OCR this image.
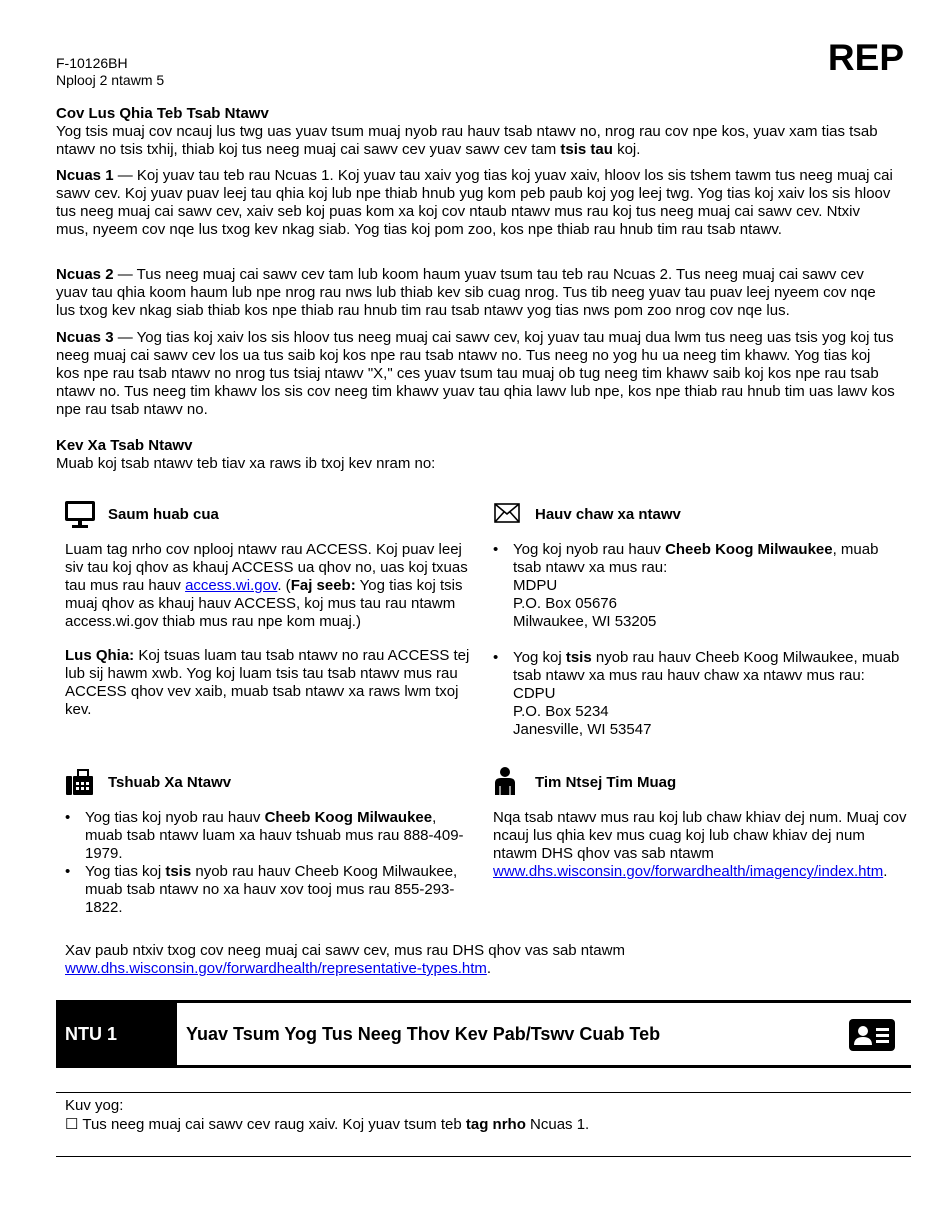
F-10126BH
Nplooj 2 ntawm 5
REP
Cov Lus Qhia Teb Tsab Ntawv
Yog tsis muaj cov ncauj lus twg uas yuav tsum muaj nyob rau hauv tsab ntawv no, nrog rau cov npe kos, yuav xam tias tsab ntawv no tsis txhij, thiab koj tus neeg muaj cai sawv cev yuav sawv cev tam tsis tau koj.
Ncuas 1 — Koj yuav tau teb rau Ncuas 1. Koj yuav tau xaiv yog tias koj yuav xaiv, hloov los sis tshem tawm tus neeg muaj cai sawv cev. Koj yuav puav leej tau qhia koj lub npe thiab hnub yug kom peb paub koj yog leej twg. Yog tias koj xaiv los sis hloov tus neeg muaj cai sawv cev, xaiv seb koj puas kom xa koj cov ntaub ntawv mus rau koj tus neeg muaj cai sawv cev. Ntxiv mus, nyeem cov nqe lus txog kev nkag siab. Yog tias koj pom zoo, kos npe thiab rau hnub tim rau tsab ntawv.
Ncuas 2 — Tus neeg muaj cai sawv cev tam lub koom haum yuav tsum tau teb rau Ncuas 2. Tus neeg muaj cai sawv cev yuav tau qhia koom haum lub npe nrog rau nws lub thiab kev sib cuag nrog. Tus tib neeg yuav tau puav leej nyeem cov nqe lus txog kev nkag siab thiab kos npe thiab rau hnub tim rau tsab ntawv yog tias nws pom zoo nrog cov nqe lus.
Ncuas 3 — Yog tias koj xaiv los sis hloov tus neeg muaj cai sawv cev, koj yuav tau muaj dua lwm tus neeg uas tsis yog koj tus neeg muaj cai sawv cev los ua tus saib koj kos npe rau tsab ntawv no. Tus neeg no yog hu ua neeg tim khawv. Yog tias koj kos npe rau tsab ntawv no nrog tus tsiaj ntawv "X," ces yuav tsum tau muaj ob tug neeg tim khawv saib koj kos npe rau tsab ntawv no. Tus neeg tim khawv los sis cov neeg tim khawv yuav tau qhia lawv lub npe, kos npe thiab rau hnub tim uas lawv kos npe rau tsab ntawv no.
Kev Xa Tsab Ntawv
Muab koj tsab ntawv teb tiav xa raws ib txoj kev nram no:
Saum huab cua
Luam tag nrho cov nplooj ntawv rau ACCESS. Koj puav leej siv tau koj qhov as khauj ACCESS ua qhov no, uas koj txuas tau mus rau hauv access.wi.gov. (Faj seeb: Yog tias koj tsis muaj qhov as khauj hauv ACCESS, koj mus tau rau ntawm access.wi.gov thiab mus rau npe kom muaj.)
Lus Qhia: Koj tsuas luam tau tsab ntawv no rau ACCESS tej lub sij hawm xwb. Yog koj luam tsis tau tsab ntawv mus rau ACCESS qhov vev xaib, muab tsab ntawv xa raws lwm txoj kev.
Hauv chaw xa ntawv
• Yog koj nyob rau hauv Cheeb Koog Milwaukee, muab tsab ntawv xa mus rau:
MDPU
P.O. Box 05676
Milwaukee, WI 53205
• Yog koj tsis nyob rau hauv Cheeb Koog Milwaukee, muab tsab ntawv xa mus rau hauv chaw xa ntawv mus rau:
CDPU
P.O. Box 5234
Janesville, WI 53547
Tshuab Xa Ntawv
• Yog tias koj nyob rau hauv Cheeb Koog Milwaukee, muab tsab ntawv luam xa hauv tshuab mus rau 888-409-1979.
• Yog tias koj tsis nyob rau hauv Cheeb Koog Milwaukee, muab tsab ntawv no xa hauv xov tooj mus rau 855-293-1822.
Tim Ntsej Tim Muag
Nqa tsab ntawv mus rau koj lub chaw khiav dej num. Muaj cov ncauj lus qhia kev mus cuag koj lub chaw khiav dej num ntawm DHS qhov vas sab ntawm www.dhs.wisconsin.gov/forwardhealth/imagency/index.htm.
Xav paub ntxiv txog cov neeg muaj cai sawv cev, mus rau DHS qhov vas sab ntawm www.dhs.wisconsin.gov/forwardhealth/representative-types.htm.
NTU 1	Yuav Tsum Yog Tus Neeg Thov Kev Pab/Tswv Cuab Teb
Kuv yog:
☐ Tus neeg muaj cai sawv cev raug xaiv. Koj yuav tsum teb tag nrho Ncuas 1.
